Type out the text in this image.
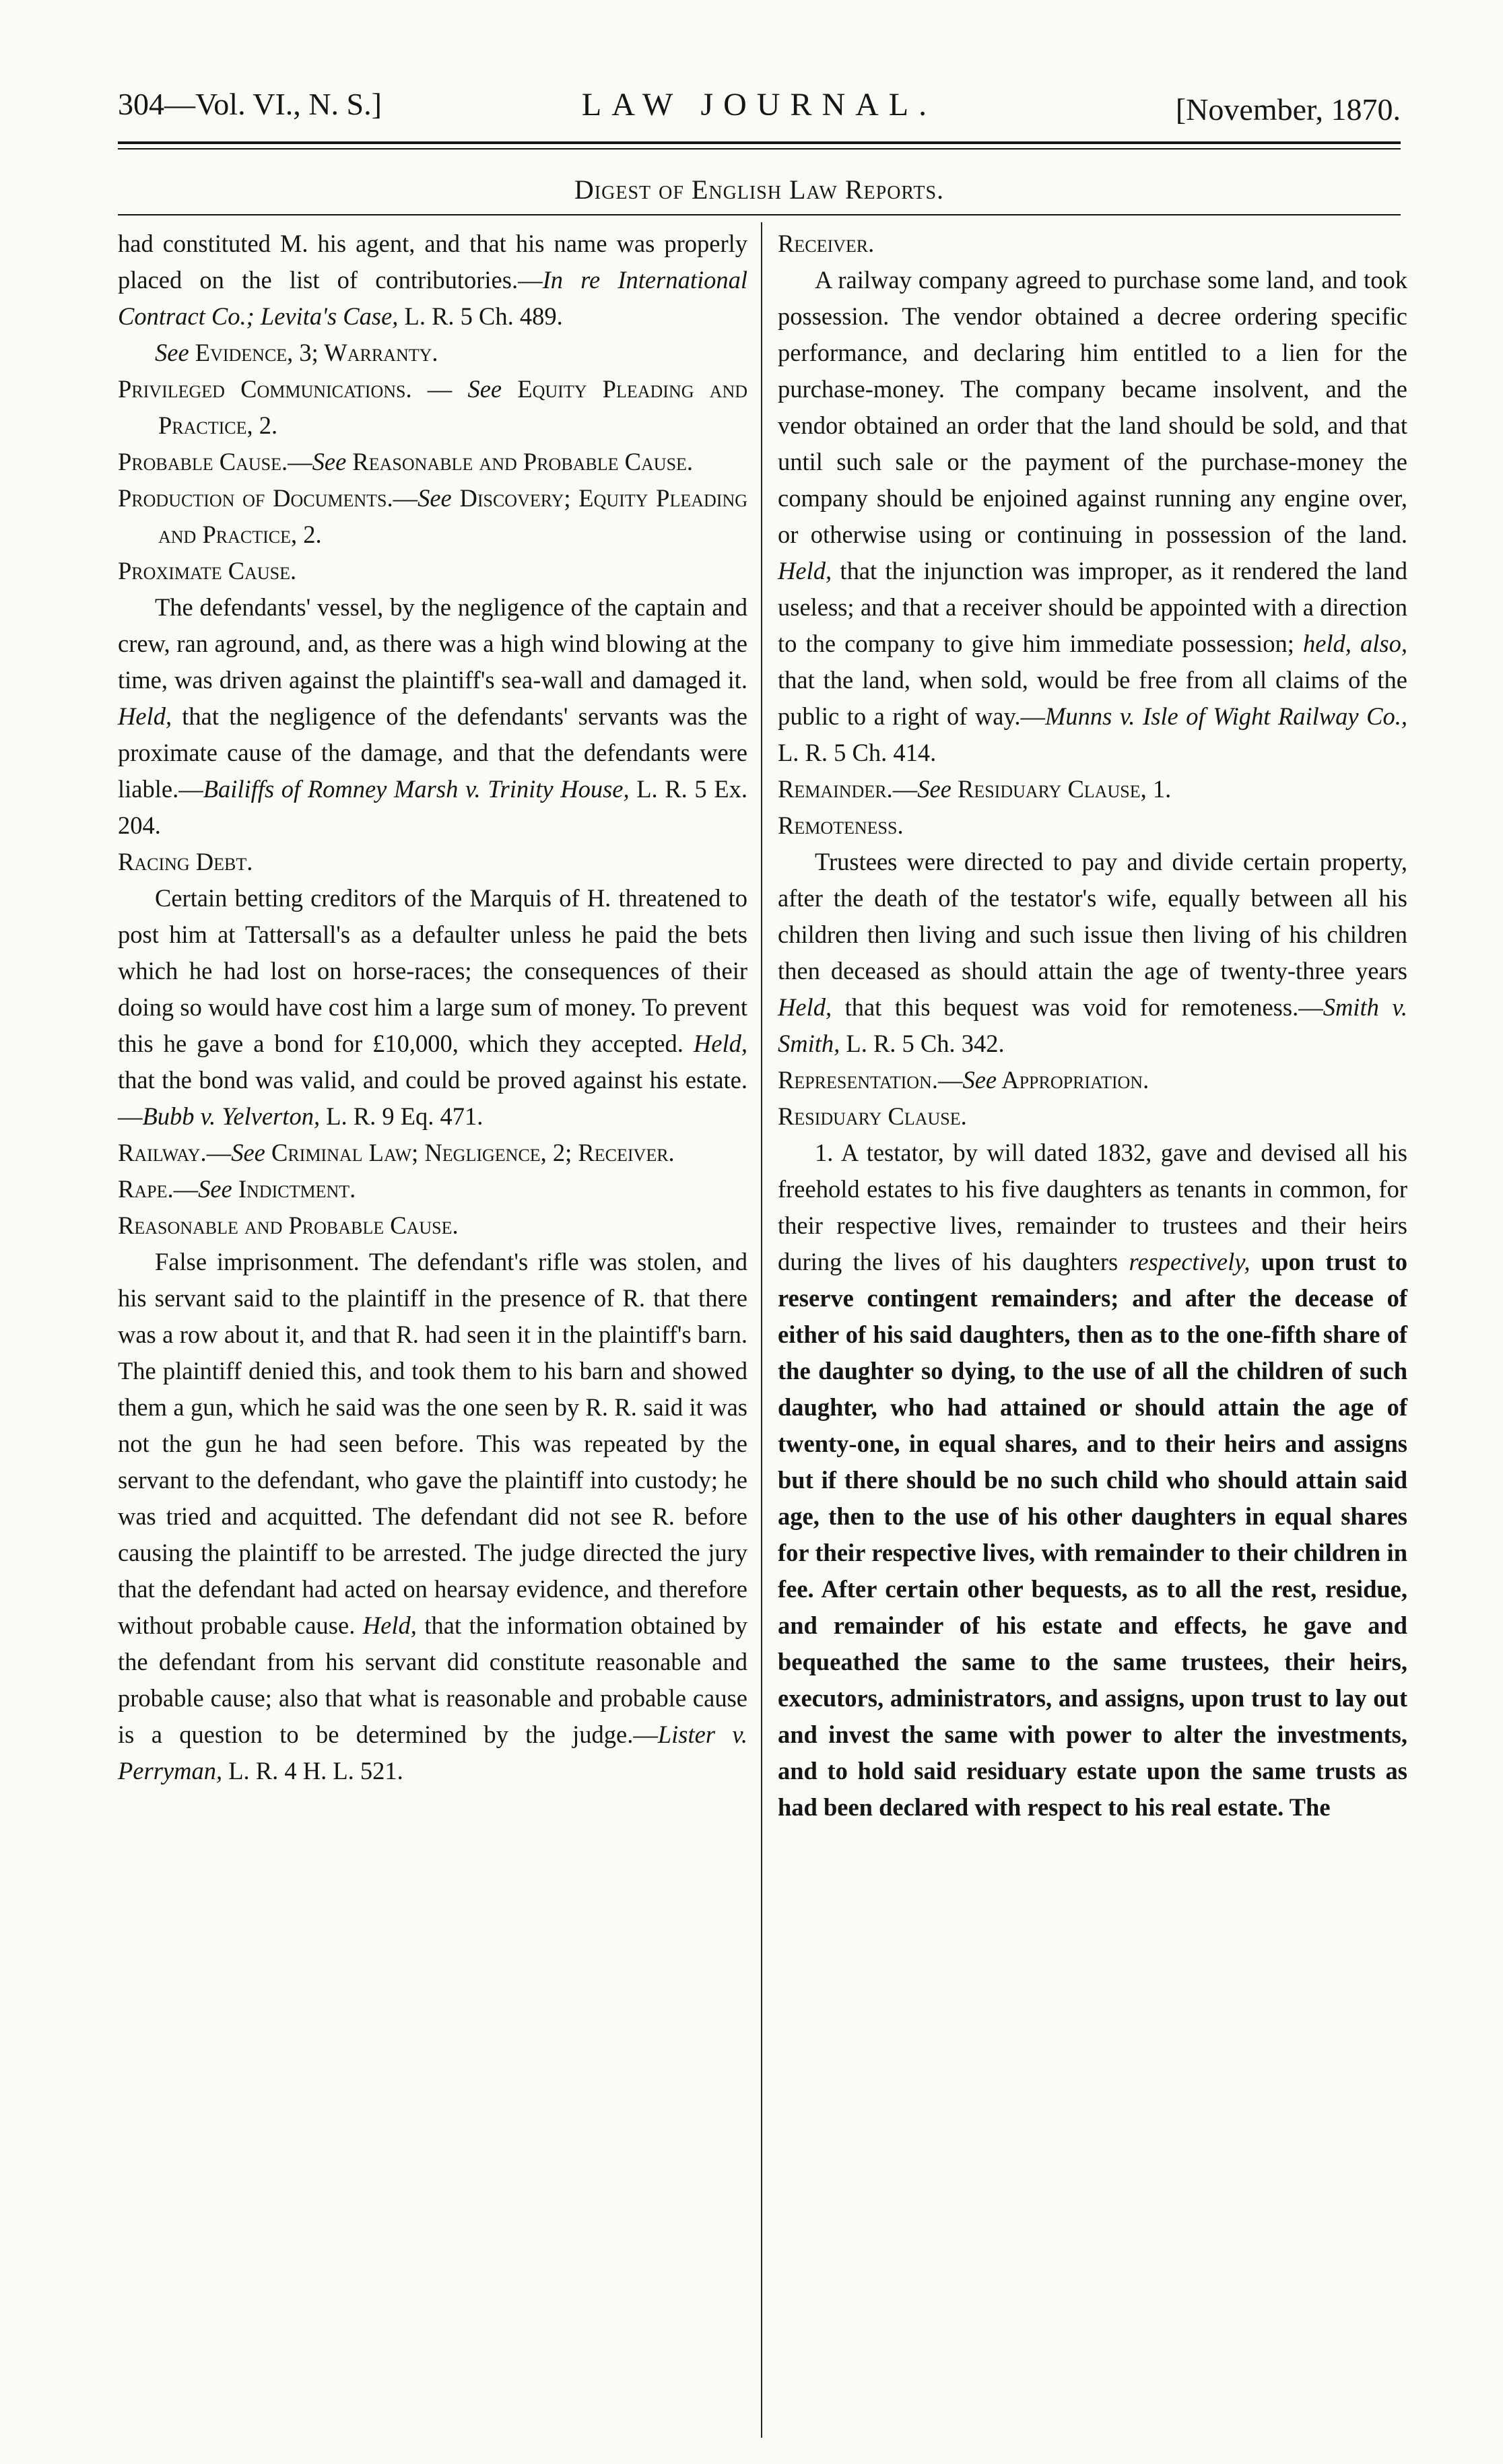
304—Vol. VI., N. S.]	LAW JOURNAL.	[November, 1870.
Digest of English Law Reports.

had constituted M. his agent, and that his name was properly placed on the list of contributories.—In re International Contract Co.; Levita's Case, L. R. 5 Ch. 489.

See Evidence, 3; Warranty.

Privileged Communications. — See Equity Pleading and Practice, 2.

Probable Cause.—See Reasonable and Probable Cause.

Production of Documents.—See Discovery; Equity Pleading and Practice, 2.

Proximate Cause.

The defendants' vessel, by the negligence of the captain and crew, ran aground, and, as there was a high wind blowing at the time, was driven against the plaintiff's sea-wall and damaged it. Held, that the negligence of the defendants' servants was the proximate cause of the damage, and that the defendants were liable.—Bailiffs of Romney Marsh v. Trinity House, L. R. 5 Ex. 204.

Racing Debt.

Certain betting creditors of the Marquis of H. threatened to post him at Tattersall's as a defaulter unless he paid the bets which he had lost on horse-races; the consequences of their doing so would have cost him a large sum of money. To prevent this he gave a bond for £10,000, which they accepted. Held, that the bond was valid, and could be proved against his estate.—Bubb v. Yelverton, L. R. 9 Eq. 471.

Railway.—See Criminal Law; Negligence, 2; Receiver.

Rape.—See Indictment.

Reasonable and Probable Cause.

False imprisonment. The defendant's rifle was stolen, and his servant said to the plaintiff in the presence of R. that there was a row about it, and that R. had seen it in the plaintiff's barn. The plaintiff denied this, and took them to his barn and showed them a gun, which he said was the one seen by R. R. said it was not the gun he had seen before. This was repeated by the servant to the defendant, who gave the plaintiff into custody; he was tried and acquitted. The defendant did not see R. before causing the plaintiff to be arrested. The judge directed the jury that the defendant had acted on hearsay evidence, and therefore without probable cause. Held, that the information obtained by the defendant from his servant did constitute reasonable and probable cause; also that what is reasonable and probable cause is a question to be determined by the judge.—Lister v. Perryman, L. R. 4 H. L. 521.

Receiver.

A railway company agreed to purchase some land, and took possession. The vendor obtained a decree ordering specific performance, and declaring him entitled to a lien for the purchase-money. The company became insolvent, and the vendor obtained an order that the land should be sold, and that until such sale or the payment of the purchase-money the company should be enjoined against running any engine over, or otherwise using or continuing in possession of the land. Held, that the injunction was improper, as it rendered the land useless; and that a receiver should be appointed with a direction to the company to give him immediate possession; held, also, that the land, when sold, would be free from all claims of the public to a right of way.—Munns v. Isle of Wight Railway Co., L. R. 5 Ch. 414.

Remainder.—See Residuary Clause, 1.

Remoteness.

Trustees were directed to pay and divide certain property, after the death of the testator's wife, equally between all his children then living and such issue then living of his children then deceased as should attain the age of twenty-three years Held, that this bequest was void for remoteness.—Smith v. Smith, L. R. 5 Ch. 342.

Representation.—See Appropriation.

Residuary Clause.

1. A testator, by will dated 1832, gave and devised all his freehold estates to his five daughters as tenants in common, for their respective lives, remainder to trustees and their heirs during the lives of his daughters respectively, upon trust to reserve contingent remainders; and after the decease of either of his said daughters, then as to the one-fifth share of the daughter so dying, to the use of all the children of such daughter, who had attained or should attain the age of twenty-one, in equal shares, and to their heirs and assigns but if there should be no such child who should attain said age, then to the use of his other daughters in equal shares for their respective lives, with remainder to their children in fee. After certain other bequests, as to all the rest, residue, and remainder of his estate and effects, he gave and bequeathed the same to the same trustees, their heirs, executors, administrators, and assigns, upon trust to lay out and invest the same with power to alter the investments, and to hold said residuary estate upon the same trusts as had been declared with respect to his real estate. The
